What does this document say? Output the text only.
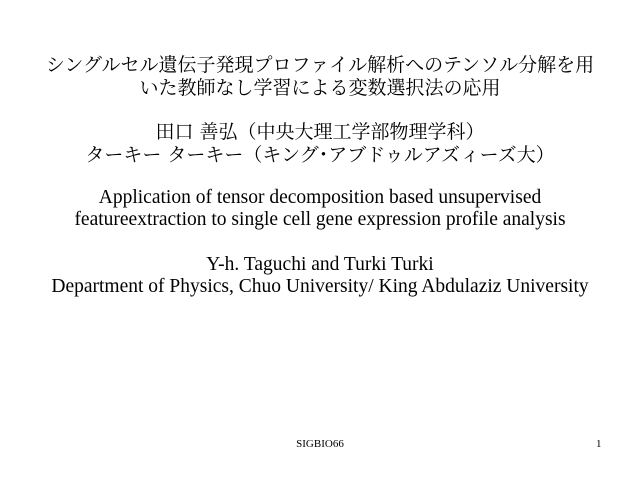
シングルセル遺伝子発現プロファイル解析へのテンソル分解を用
いた教師なし学習による変数選択法の応用
田口 善弘（中央大理工学部物理学科）
ターキー ターキー（キング･アブドゥルアズィーズ大）
Application of tensor decomposition based unsupervised
featureextraction to single cell gene expression profile analysis
Y-h. Taguchi and Turki Turki
Department of Physics, Chuo University/ King Abdulaziz University
SIGBIO66	1
